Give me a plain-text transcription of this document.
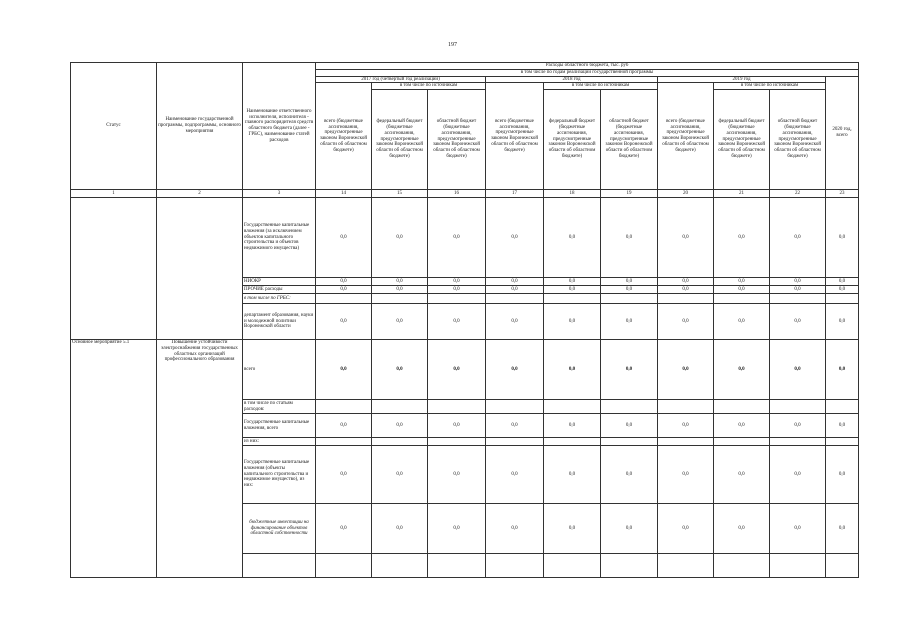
197
Статус	Наименование государственной программы, подпрограммы, основного мероприятия	Наименование ответственного исполнителя, исполнителя - главного распорядителя средств областного бюджета (далее - ГРБС), наименование статей расходов	Расходы областного бюджета, тыс. руб									
			в том числе по годам реализации государственной программы									
			2017 год (четвертый год реализации)			2018 год			2019 год			2020 год, всего
			всего (бюджетные ассигнования, предусмотренные законом Воронежской области об областном бюджете)	в том числе по источникам		всего (бюджетные ассигнования, предусмотренные законом Воронежской области об областном бюджете)	в том числе по источникам		всего (бюджетные ассигнования, предусмотренные законом Воронежской области об областном бюджете)	в том числе по источникам		
				федеральный бюджет (бюджетные ассигнования, предусмотренные законом Воронежской области об областном бюджете)	областной бюджет (бюджетные ассигнования, предусмотренные законом Воронежской области об областном бюджете)		федеральный бюджет (бюджетные ассигнования, предусмотренные законом Воронежской области об областном бюджете)	областной бюджет (бюджетные ассигнования, предусмотренные законом Воронежской области об областном бюджете)		федеральный бюджет (бюджетные ассигнования, предусмотренные законом Воронежской области об областном бюджете)	областной бюджет (бюджетные ассигнования, предусмотренные законом Воронежской области об областном бюджете)	
1	2	3	14	15	16	17	18	19	20	21	22	23
		Государственные капитальные вложения (за исключением объектов капитального строительства и объектов недвижимого имущества)	0,0	0,0	0,0	0,0	0,0	0,0	0,0	0,0	0,0	0,0
		НИОКР	0,0	0,0	0,0	0,0	0,0	0,0	0,0	0,0	0,0	0,0
		ПРОЧИЕ расходы	0,0	0,0	0,0	0,0	0,0	0,0	0,0	0,0	0,0	0,0
		в том числе по ГРБС:										
		департамент образования, науки и молодежной политики Воронежской области	0,0	0,0	0,0	0,0	0,0	0,0	0,0	0,0	0,0	0,0
Основное мероприятие 5.1	Повышение устойчивости электроснабжения государственных областных организаций профессионального образования	всего	0,0	0,0	0,0	0,0	0,0	0,0	0,0	0,0	0,0	0,0
		в том числе по статьям расходов:										
		Государственные капитальные вложения, всего	0,0	0,0	0,0	0,0	0,0	0,0	0,0	0,0	0,0	0,0
		из них:										
		Государственные капитальные вложения (объекты капитального строительства и недвижимое имущество), из них:	0,0	0,0	0,0	0,0	0,0	0,0	0,0	0,0	0,0	0,0
		бюджетные инвестиции на финансирование объектов областной собственности	0,0	0,0	0,0	0,0	0,0	0,0	0,0	0,0	0,0	0,0
